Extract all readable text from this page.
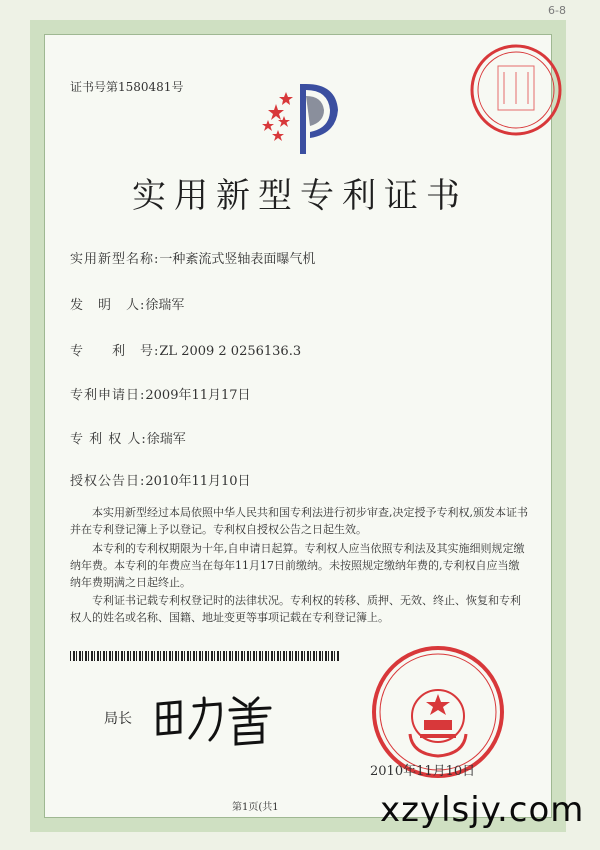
6-8
证书号第1580481号
实用新型专利证书
实用新型名称:一种紊流式竖轴表面曝气机
发　明　人:徐瑞军
专　　利　号:ZL 2009 2 0256136.3
专利申请日:2009年11月17日
专 利 权 人:徐瑞军
授权公告日:2010年11月10日
本实用新型经过本局依照中华人民共和国专利法进行初步审查,决定授予专利权,颁发本证书并在专利登记簿上予以登记。专利权自授权公告之日起生效。
本专利的专利权期限为十年,自申请日起算。专利权人应当依照专利法及其实施细则规定缴纳年费。本专利的年费应当在每年11月17日前缴纳。未按照规定缴纳年费的,专利权自应当缴纳年费期满之日起终止。
专利证书记载专利权登记时的法律状况。专利权的转移、质押、无效、终止、恢复和专利权人的姓名或名称、国籍、地址变更等事项记载在专利登记簿上。
局长
2010年11月10日
第1页(共1	xzylsjy.com
